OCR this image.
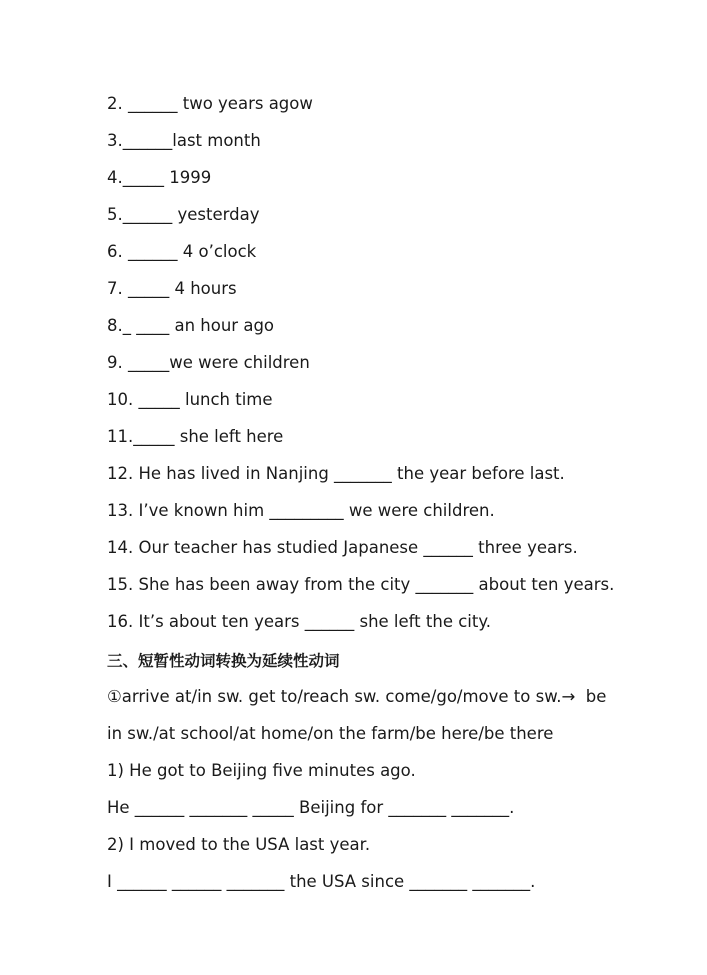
2. ______ two years agow
3.______last month
4._____ 1999
5.______ yesterday
6. ______ 4 o’clock
7. _____ 4 hours
8._ ____ an hour ago
9. _____we were children
10. _____ lunch time
11._____ she left here
12. He has lived in Nanjing _______ the year before last.
13. I’ve known him _________ we were children.
14. Our teacher has studied Japanese ______ three years.
15. She has been away from the city _______ about ten years.
16. It’s about ten years ______ she left the city.
三、短暂性动词转换为延续性动词
①arrive at/in sw. get to/reach sw. come/go/move to sw.→  be
in sw./at school/at home/on the farm/be here/be there
1) He got to Beijing five minutes ago.
He ______ _______ _____ Beijing for _______ _______.
2) I moved to the USA last year.
I ______ ______ _______ the USA since _______ _______.
